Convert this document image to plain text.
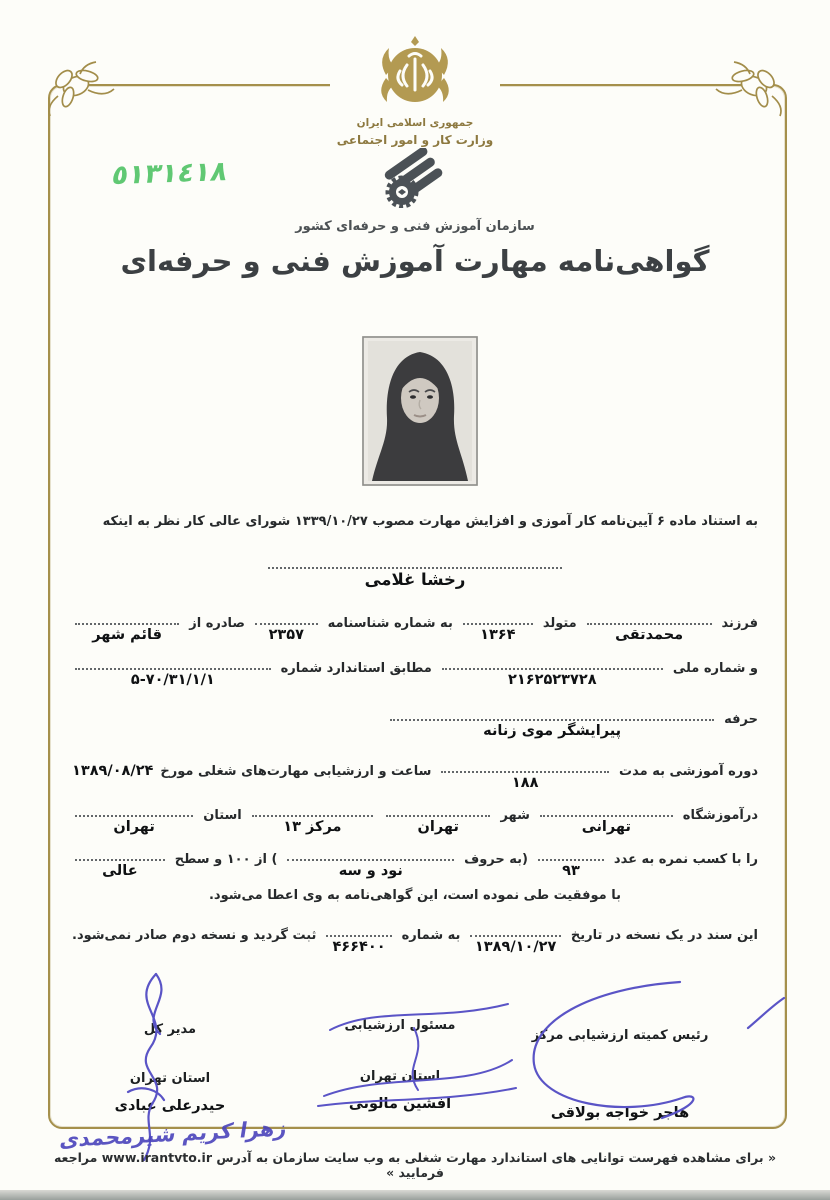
جمهوری اسلامی ایران
وزارت کار و امور اجتماعی
٥١٣١٤١٨
سازمان آموزش فنی و حرفه‌ای کشور
گواهی‌نامه مهارت آموزش فنی و حرفه‌ای
به استناد ماده ۶ آیین‌نامه کار آموزی و افزایش مهارت مصوب ۱۳۳۹/۱۰/۲۷ شورای عالی کار نظر به اینکه
رخشا غلامی
فرزند
محمدتقی
متولد
۱۳۶۴
به شماره شناسنامه
۲۳۵۷
صادره از
قائم شهر
و شماره ملی
۲۱۶۲۵۲۳۷۲۸
مطابق استاندارد شماره
۵-۷۰/۳۱/۱/۱
حرفه
پیرایشگر موی زنانه
دوره آموزشی به مدت
۱۸۸
ساعت و ارزشیابی مهارت‌های شغلی مورخ
۱۳۸۹/۰۸/۲۴
درآموزشگاه
تهرانی
شهر
تهران
مرکز ۱۳
استان
تهران
را با کسب نمره به عدد
۹۳
(به حروف
نود و سه
) از ۱۰۰ و سطح
عالی
با موفقیت طی نموده است، این گواهی‌نامه به وی اعطا می‌شود.
این سند در یک نسخه در تاریخ
۱۳۸۹/۱۰/۲۷
به شماره
۴۶۶۴۰۰
ثبت گردید و نسخه دوم صادر نمی‌شود.
رئیس کمیته ارزشیابی مرکز
هاجر خواجه بولاقی
مسئول ارزشیابی
استان تهران
افشین مالونی
مدیر کل
استان تهران
حیدرعلی عبادی
زهرا کریم شیرمحمدی
« برای مشاهده فهرست توانایی های استاندارد مهارت شغلی به وب سایت سازمان به آدرس www.irantvto.ir مراجعه فرمایید »
